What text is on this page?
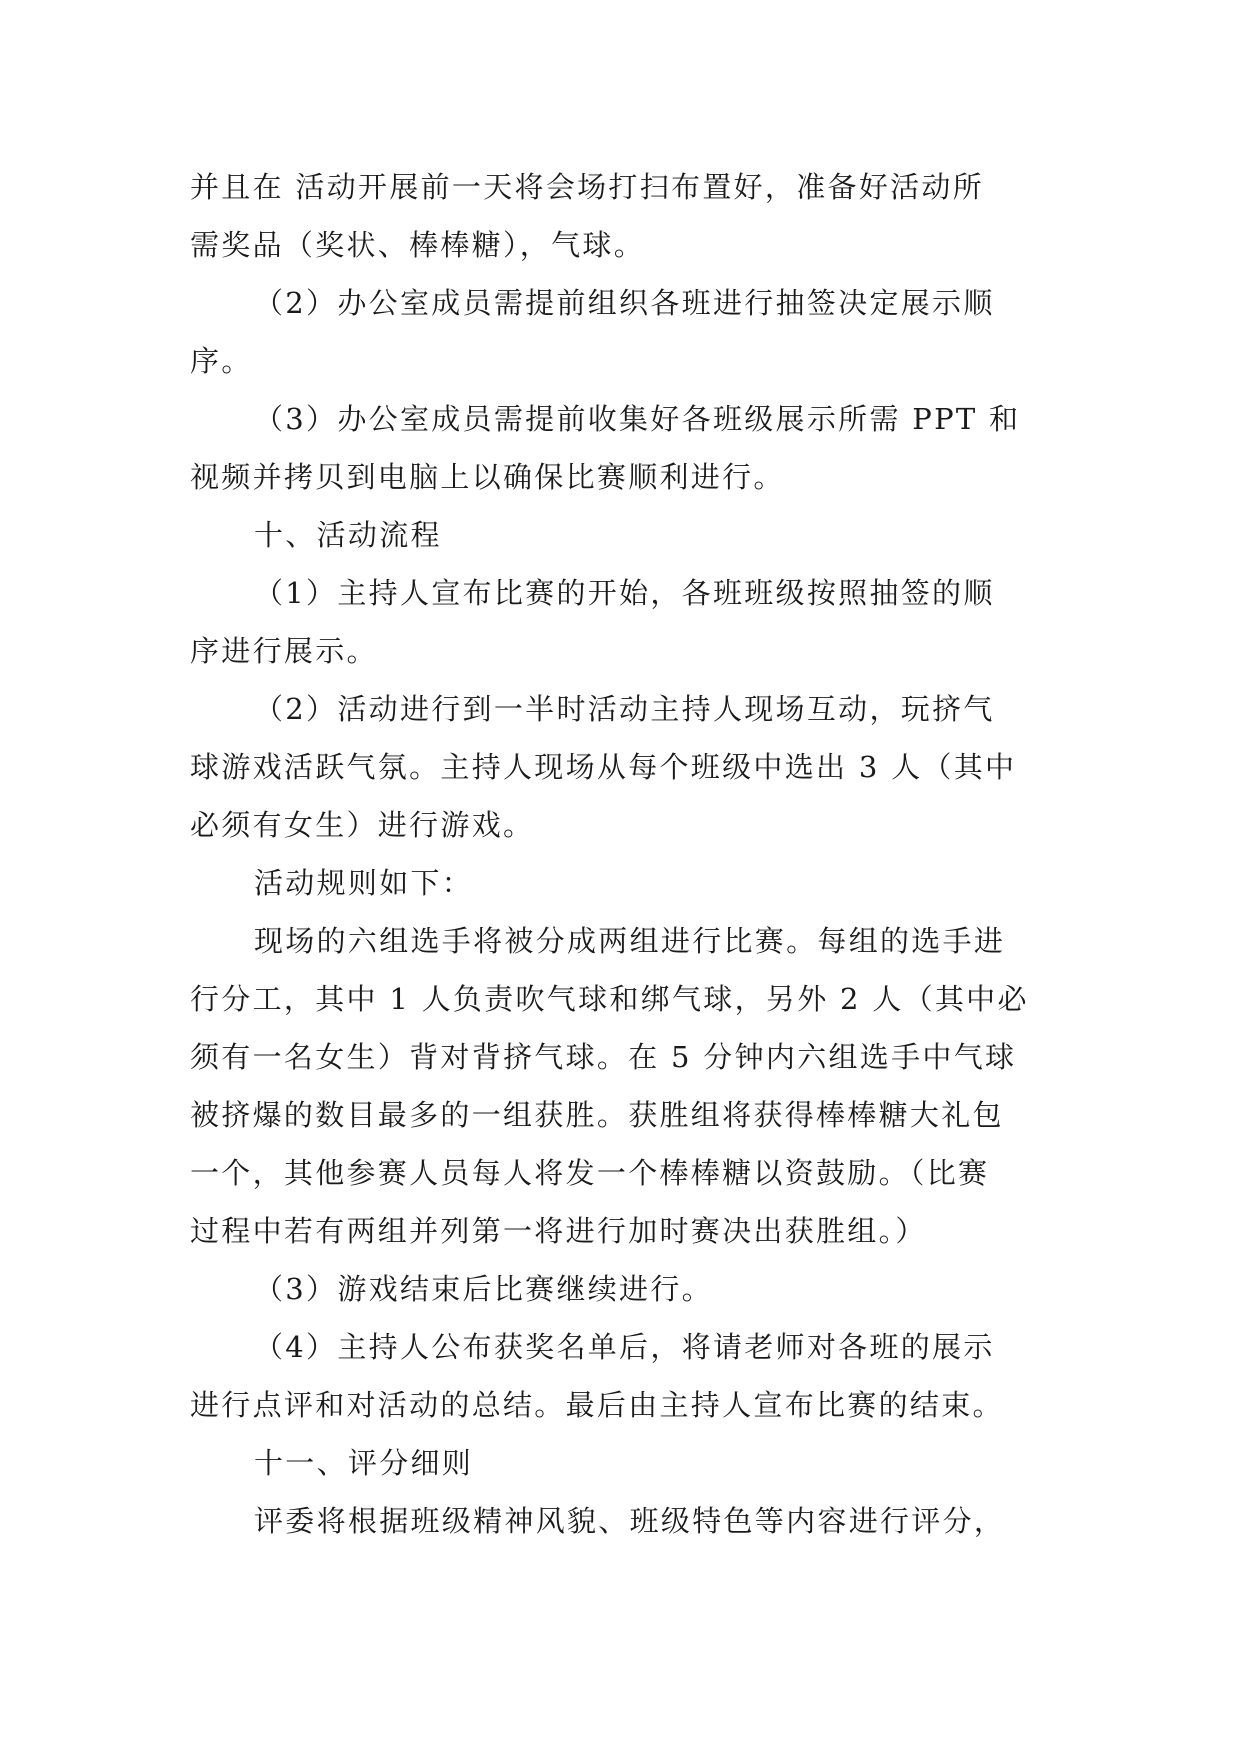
并且在 活动开展前一天将会场打扫布置好，准备好活动所
需奖品（奖状、棒棒糖），气球。
（2）办公室成员需提前组织各班进行抽签决定展示顺
序。
（3）办公室成员需提前收集好各班级展示所需 PPT 和
视频并拷贝到电脑上以确保比赛顺利进行。
十、活动流程
（1）主持人宣布比赛的开始，各班班级按照抽签的顺
序进行展示。
（2）活动进行到一半时活动主持人现场互动，玩挤气
球游戏活跃气氛。主持人现场从每个班级中选出 3 人（其中
必须有女生）进行游戏。
活动规则如下：
现场的六组选手将被分成两组进行比赛。每组的选手进
行分工，其中 1 人负责吹气球和绑气球，另外 2 人（其中必
须有一名女生）背对背挤气球。在 5 分钟内六组选手中气球
被挤爆的数目最多的一组获胜。获胜组将获得棒棒糖大礼包
一个，其他参赛人员每人将发一个棒棒糖以资鼓励。（比赛
过程中若有两组并列第一将进行加时赛决出获胜组。）
（3）游戏结束后比赛继续进行。
（4）主持人公布获奖名单后，将请老师对各班的展示
进行点评和对活动的总结。最后由主持人宣布比赛的结束。
十一、评分细则
评委将根据班级精神风貌、班级特色等内容进行评分，
